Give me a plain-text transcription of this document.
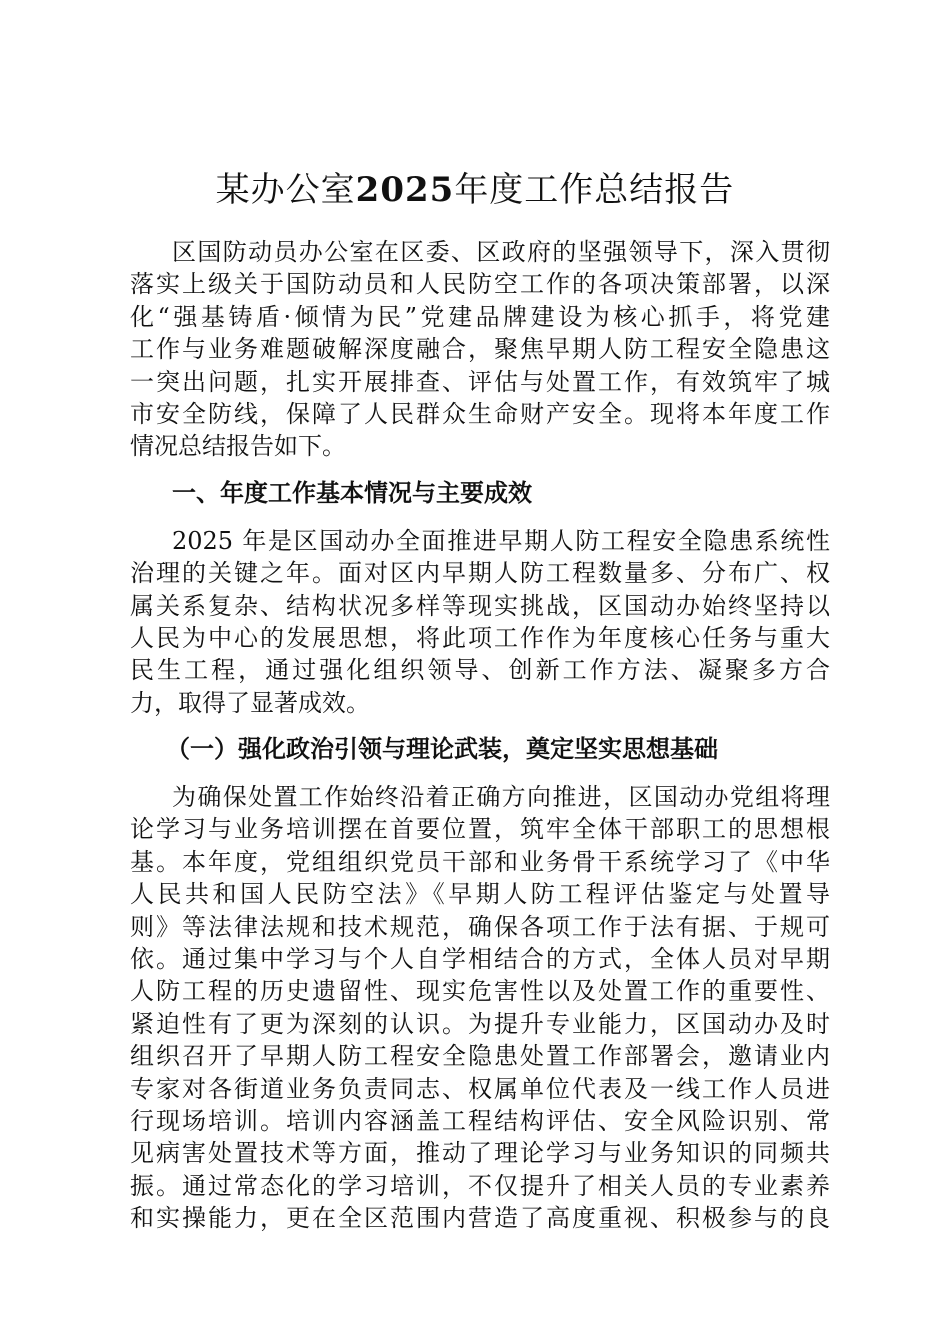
某办公室2025年度工作总结报告
区国防动员办公室在区委、区政府的坚强领导下，深入贯彻
落实上级关于国防动员和人民防空工作的各项决策部署，以深
化“强基铸盾·倾情为民”党建品牌建设为核心抓手，将党建
工作与业务难题破解深度融合，聚焦早期人防工程安全隐患这
一突出问题，扎实开展排查、评估与处置工作，有效筑牢了城
市安全防线，保障了人民群众生命财产安全。现将本年度工作
情况总结报告如下。
一、年度工作基本情况与主要成效
2025 年是区国动办全面推进早期人防工程安全隐患系统性
治理的关键之年。面对区内早期人防工程数量多、分布广、权
属关系复杂、结构状况多样等现实挑战，区国动办始终坚持以
人民为中心的发展思想，将此项工作作为年度核心任务与重大
民生工程，通过强化组织领导、创新工作方法、凝聚多方合
力，取得了显著成效。
（一）强化政治引领与理论武装，奠定坚实思想基础
为确保处置工作始终沿着正确方向推进，区国动办党组将理
论学习与业务培训摆在首要位置，筑牢全体干部职工的思想根
基。本年度，党组组织党员干部和业务骨干系统学习了《中华
人民共和国人民防空法》《早期人防工程评估鉴定与处置导
则》等法律法规和技术规范，确保各项工作于法有据、于规可
依。通过集中学习与个人自学相结合的方式，全体人员对早期
人防工程的历史遗留性、现实危害性以及处置工作的重要性、
紧迫性有了更为深刻的认识。为提升专业能力，区国动办及时
组织召开了早期人防工程安全隐患处置工作部署会，邀请业内
专家对各街道业务负责同志、权属单位代表及一线工作人员进
行现场培训。培训内容涵盖工程结构评估、安全风险识别、常
见病害处置技术等方面，推动了理论学习与业务知识的同频共
振。通过常态化的学习培训，不仅提升了相关人员的专业素养
和实操能力，更在全区范围内营造了高度重视、积极参与的良
